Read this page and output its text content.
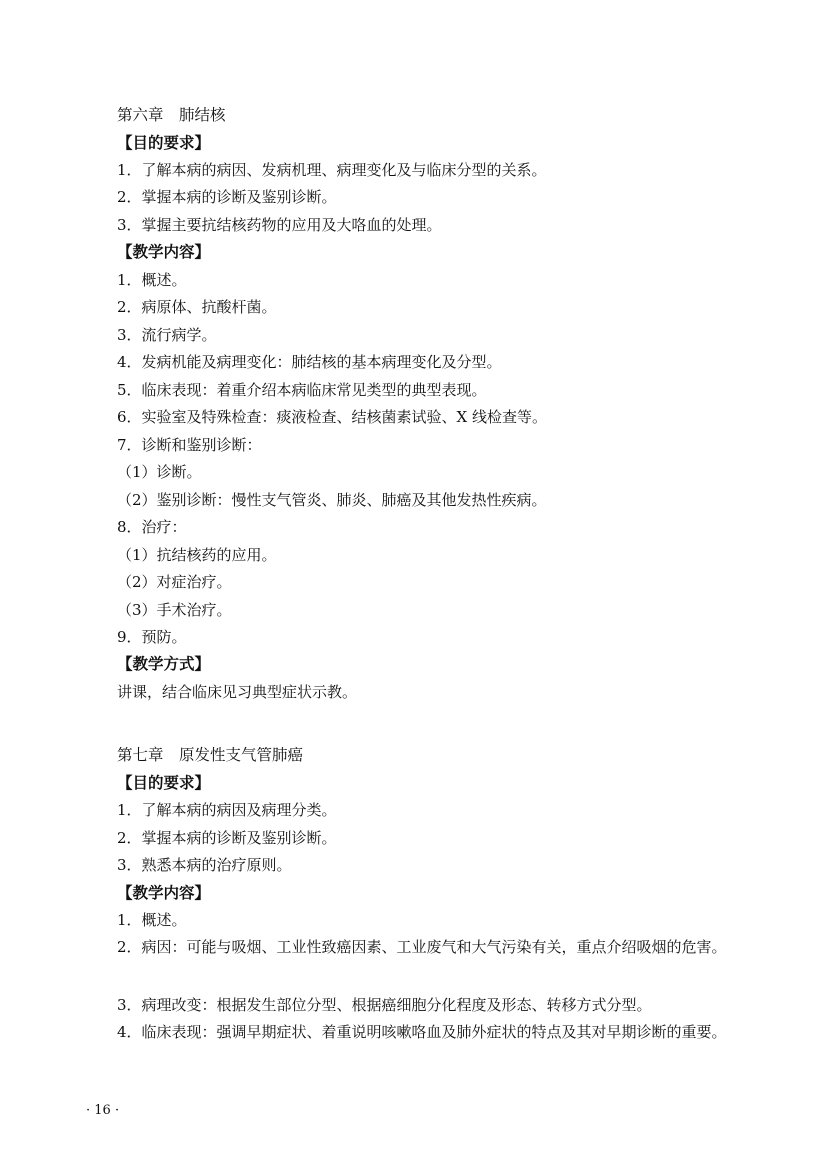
第六章　肺结核
【目的要求】
1．了解本病的病因、发病机理、病理变化及与临床分型的关系。
2．掌握本病的诊断及鉴别诊断。
3．掌握主要抗结核药物的应用及大咯血的处理。
【教学内容】
1．概述。
2．病原体、抗酸杆菌。
3．流行病学。
4．发病机能及病理变化：肺结核的基本病理变化及分型。
5．临床表现：着重介绍本病临床常见类型的典型表现。
6．实验室及特殊检查：痰液检查、结核菌素试验、X 线检查等。
7．诊断和鉴别诊断：
（1）诊断。
（2）鉴别诊断：慢性支气管炎、肺炎、肺癌及其他发热性疾病。
8．治疗：
（1）抗结核药的应用。
（2）对症治疗。
（3）手术治疗。
9．预防。
【教学方式】
讲课，结合临床见习典型症状示教。
第七章　原发性支气管肺癌
【目的要求】
1．了解本病的病因及病理分类。
2．掌握本病的诊断及鉴别诊断。
3．熟悉本病的治疗原则。
【教学内容】
1．概述。
2．病因：可能与吸烟、工业性致癌因素、工业废气和大气污染有关，重点介绍吸烟的危害。
3．病理改变：根据发生部位分型、根据癌细胞分化程度及形态、转移方式分型。
4．临床表现：强调早期症状、着重说明咳嗽咯血及肺外症状的特点及其对早期诊断的重要。
· 16 ·
